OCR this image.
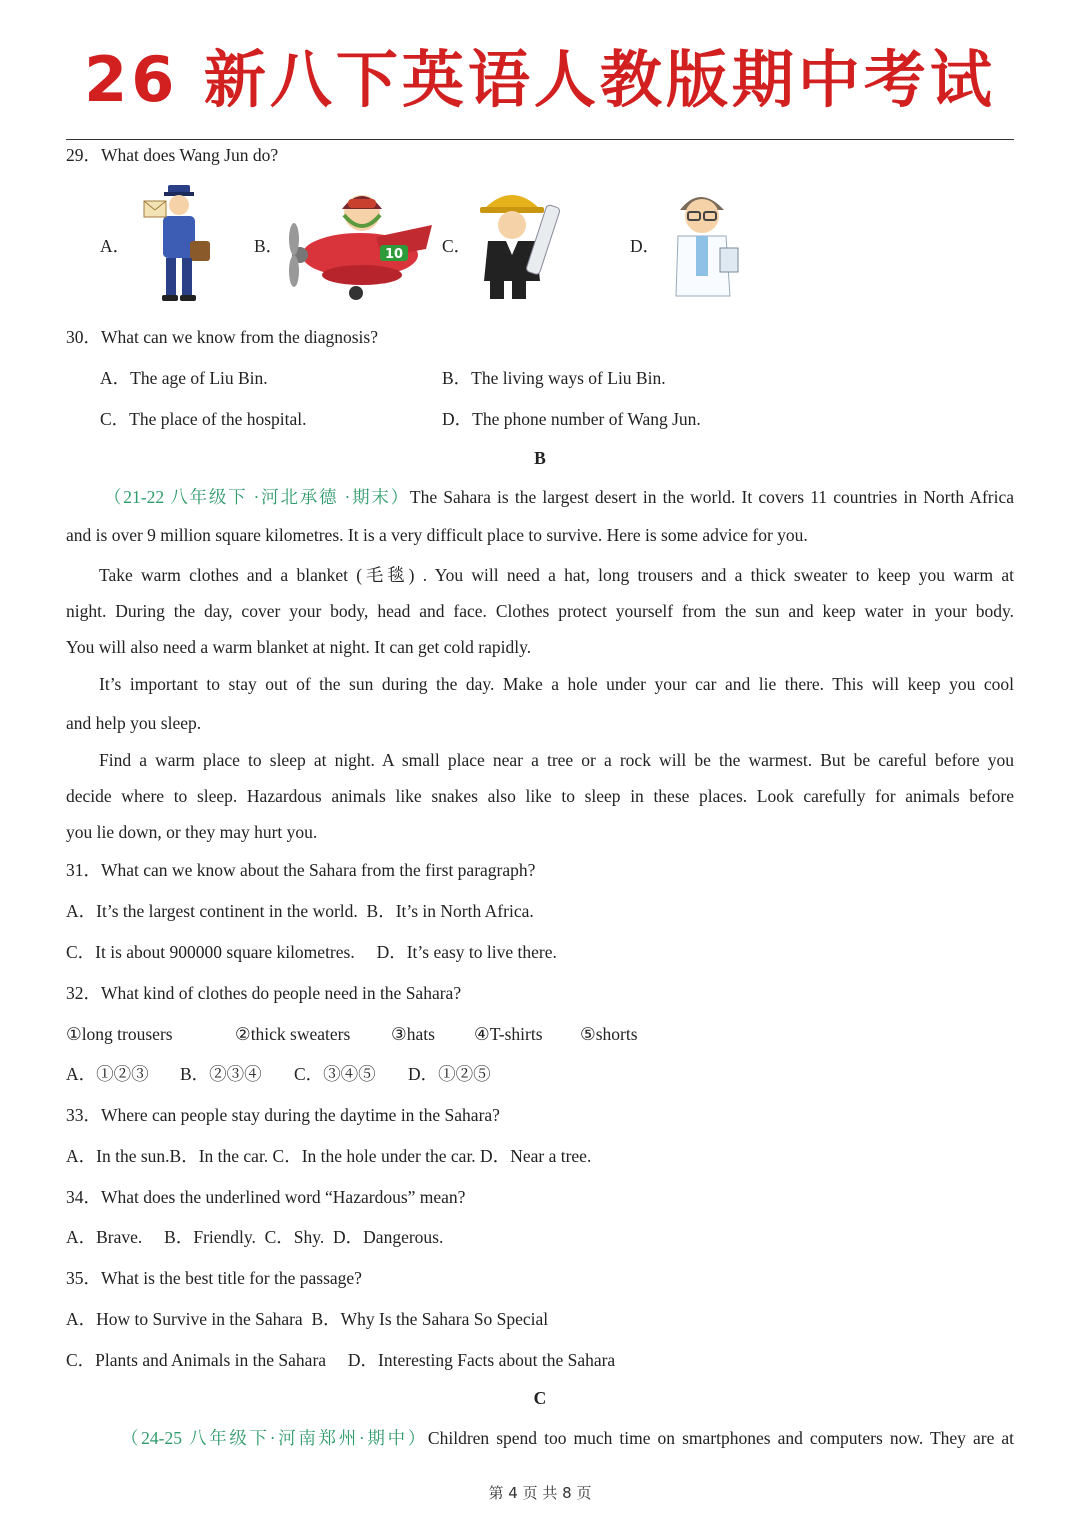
26 新八下英语人教版期中考试
29．What does Wang Jun do?
A．	B．	10 C．	D．
30．What can we know from the diagnosis?
A．The age of Liu Bin.	B．The living ways of Liu Bin.
C．The place of the hospital.	D．The phone number of Wang Jun.
B
（21-22 八年级下 ·河北承德 ·期末）The Sahara is the largest desert in the world. It covers 11 countries in North Africa
and is over 9 million square kilometres. It is a very difficult place to survive. Here is some advice for you.
Take warm clothes and a blanket (毛毯) . You will need a hat, long trousers and a thick sweater to keep you warm at
night. During the day, cover your body, head and face. Clothes protect yourself from the sun and keep water in your body.
You will also need a warm blanket at night. It can get cold rapidly.
It’s important to stay out of the sun during the day. Make a hole under your car and lie there. This will keep you cool
and help you sleep.
Find a warm place to sleep at night. A small place near a tree or a rock will be the warmest. But be careful before you
decide where to sleep. Hazardous animals like snakes also like to sleep in these places. Look carefully for animals before
you lie down, or they may hurt you.
31．What can we know about the Sahara from the first paragraph?
A．It’s the largest continent in the world.  B．It’s in North Africa.
C．It is about 900000 square kilometres.     D．It’s easy to live there.
32．What kind of clothes do people need in the Sahara?
①long trousers	②thick sweaters ③hats ④T-shirts ⑤shorts
A．①②③ B．②③④ C．③④⑤ D．①②⑤
33．Where can people stay during the daytime in the Sahara?
A．In the sun.B．In the car. C．In the hole under the car. D．Near a tree.
34．What does the underlined word “Hazardous” mean?
A．Brave.     B．Friendly.  C．Shy.  D．Dangerous.
35．What is the best title for the passage?
A．How to Survive in the Sahara  B．Why Is the Sahara So Special
C．Plants and Animals in the Sahara     D．Interesting Facts about the Sahara
C
（24-25 八年级下·河南郑州·期中）Children spend too much time on smartphones and computers now. They are at
第 4 页 共 8 页
